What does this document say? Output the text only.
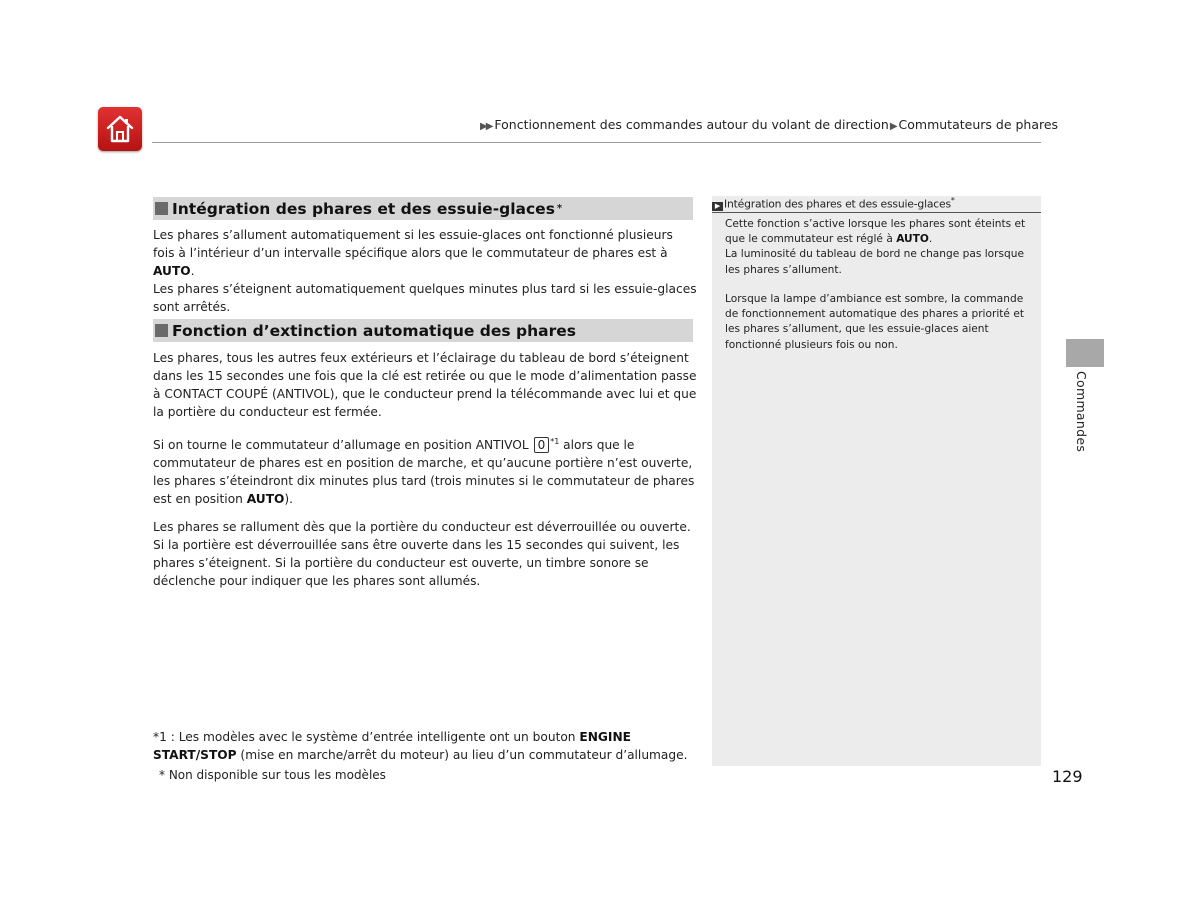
▶▶ Fonctionnement des commandes autour du volant de direction▶Commutateurs de phares
Intégration des phares et des essuie-glaces *
Les phares s’allument automatiquement si les essuie-glaces ont fonctionné plusieurs fois à l’intérieur d’un intervalle spécifique alors que le commutateur de phares est à AUTO.
Les phares s’éteignent automatiquement quelques minutes plus tard si les essuie-glaces sont arrêtés.
Fonction d’extinction automatique des phares
Les phares, tous les autres feux extérieurs et l’éclairage du tableau de bord s’éteignent dans les 15 secondes une fois que la clé est retirée ou que le mode d’alimentation passe à CONTACT COUPÉ (ANTIVOL), que le conducteur prend la télécommande avec lui et que la portière du conducteur est fermée.
Si on tourne le commutateur d’allumage en position ANTIVOL 0 $^{*1}$ alors que le commutateur de phares est en position de marche, et qu’aucune portière n’est ouverte, les phares s’éteindront dix minutes plus tard (trois minutes si le commutateur de phares est en position AUTO).
Les phares se rallument dès que la portière du conducteur est déverrouillée ou ouverte. Si la portière est déverrouillée sans être ouverte dans les 15 secondes qui suivent, les phares s’éteignent. Si la portière du conducteur est ouverte, un timbre sonore se déclenche pour indiquer que les phares sont allumés.
▶ Intégration des phares et des essuie-glaces*
Cette fonction s’active lorsque les phares sont éteints et que le commutateur est réglé à AUTO.
La luminosité du tableau de bord ne change pas lorsque les phares s’allument.
Lorsque la lampe d’ambiance est sombre, la commande de fonctionnement automatique des phares a priorité et les phares s’allument, que les essuie-glaces aient fonctionné plusieurs fois ou non.
Commandes
*1 : Les modèles avec le système d’entrée intelligente ont un bouton ENGINE START/STOP (mise en marche/arrêt du moteur) au lieu d’un commutateur d’allumage.
* Non disponible sur tous les modèles	129
